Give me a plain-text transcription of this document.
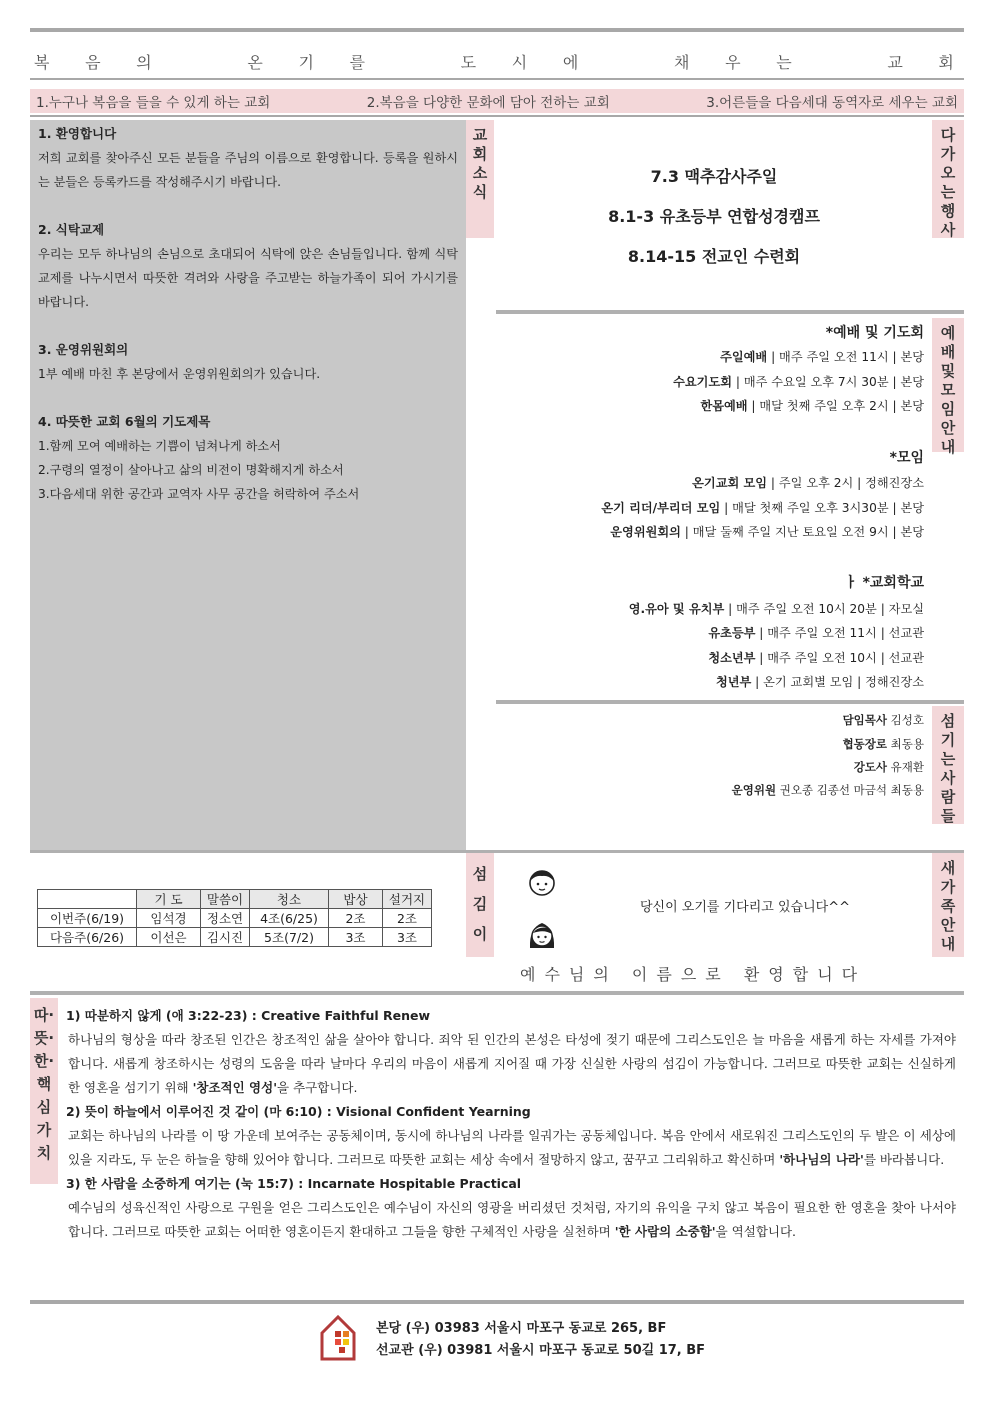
복 음 의	온 기 를	도 시 에	채 우 는	교 회
1.누구나 복음을 들을 수 있게 하는 교회	2.복음을 다양한 문화에 담아 전하는 교회	3.어른들을 다음세대 동역자로 세우는 교회
1. 환영합니다

저희 교회를 찾아주신 모든 분들을 주님의 이름으로 환영합니다. 등록을 원하시는 분들은 등록카드를 작성해주시기 바랍니다.

2. 식탁교제

우리는 모두 하나님의 손님으로 초대되어 식탁에 앉은 손님들입니다. 함께 식탁교제를 나누시면서 따뜻한 격려와 사랑을 주고받는 하늘가족이 되어 가시기를 바랍니다.

3. 운영위원회의

1부 예배 마친 후 본당에서 운영위원회의가 있습니다.

4. 따뜻한 교회 6월의 기도제목

1.함께 모여 예배하는 기쁨이 넘쳐나게 하소서

2.구령의 열정이 살아나고 삶의 비전이 명확해지게 하소서

3.다음세대 위한 공간과 교역자 사무 공간을 허락하여 주소서

교
회
소
식
7.3 맥추감사주일
8.1-3 유초등부 연합성경캠프
8.14-15 전교인 수련회
다
가
오
는
행
사
*예배 및 기도회
주일예배 | 매주 주일 오전 11시 | 본당
수요기도회 | 매주 수요일 오후 7시 30분 | 본당
한몸예배 | 매달 첫째 주일 오후 2시 | 본당
*모임
온기교회 모임 | 주일 오후 2시 | 정해진장소
온기 리더/부리더 모임 | 매달 첫째 주일 오후 3시30분 | 본당
운영위원회의 | 매달 둘째 주일 지난 토요일 오전 9시 | 본당
ㅏ *교회학교
영.유아 및 유치부 | 매주 주일 오전 10시 20분 | 자모실
유초등부 | 매주 주일 오전 11시 | 선교관
청소년부 | 매주 주일 오전 10시 | 선교관
청년부 | 온기 교회별 모임 | 정해진장소
예
배
및
모
임
안
내
담임목사 김성호
협동장로 최동용
강도사 유재환
운영위원 권오종 김종선 마금석 최동용
섬
기
는
사
람
들
	기 도	말씀이	청소	밥상	설거지
이번주(6/19)	임석경	정소연	4조(6/25)	2조	2조
다음주(6/26)	이선은	김시진	5조(7/2)	3조	3조
섬
김
이
당신이 오기를 기다리고 있습니다^^
예수님의 이름으로 환영합니다
새
가
족
안
내
따·
뜻·
한·
핵
심
가
치
1) 따분하지 않게 (애 3:22-23) : Creative Faithful Renew

하나님의 형상을 따라 창조된 인간은 창조적인 삶을 살아야 합니다. 죄악 된 인간의 본성은 타성에 젖기 때문에 그리스도인은 늘 마음을 새롭게 하는 자세를 가져야합니다. 새롭게 창조하시는 성령의 도움을 따라 날마다 우리의 마음이 새롭게 지어질 때 가장 신실한 사랑의 섬김이 가능합니다. 그러므로 따뜻한 교회는 신실하게 한 영혼을 섬기기 위해 '창조적인 영성'을 추구합니다.

2) 뜻이 하늘에서 이루어진 것 같이 (마 6:10) : Visional Confident Yearning

교회는 하나님의 나라를 이 땅 가운데 보여주는 공동체이며, 동시에 하나님의 나라를 일궈가는 공동체입니다. 복음 안에서 새로워진 그리스도인의 두 발은 이 세상에 있을 지라도, 두 눈은 하늘을 향해 있어야 합니다. 그러므로 따뜻한 교회는 세상 속에서 절망하지 않고, 꿈꾸고 그리워하고 확신하며 '하나님의 나라'를 바라봅니다.

3) 한 사람을 소중하게 여기는 (눅 15:7) : Incarnate Hospitable Practical

예수님의 성육신적인 사랑으로 구원을 얻은 그리스도인은 예수님이 자신의 영광을 버리셨던 것처럼, 자기의 유익을 구치 않고 복음이 필요한 한 영혼을 찾아 나서야 합니다. 그러므로 따뜻한 교회는 어떠한 영혼이든지 환대하고 그들을 향한 구체적인 사랑을 실천하며 '한 사람의 소중함'을 역설합니다.

본당 (우) 03983 서울시 마포구 동교로 265, BF
선교관 (우) 03981 서울시 마포구 동교로 50길 17, BF
